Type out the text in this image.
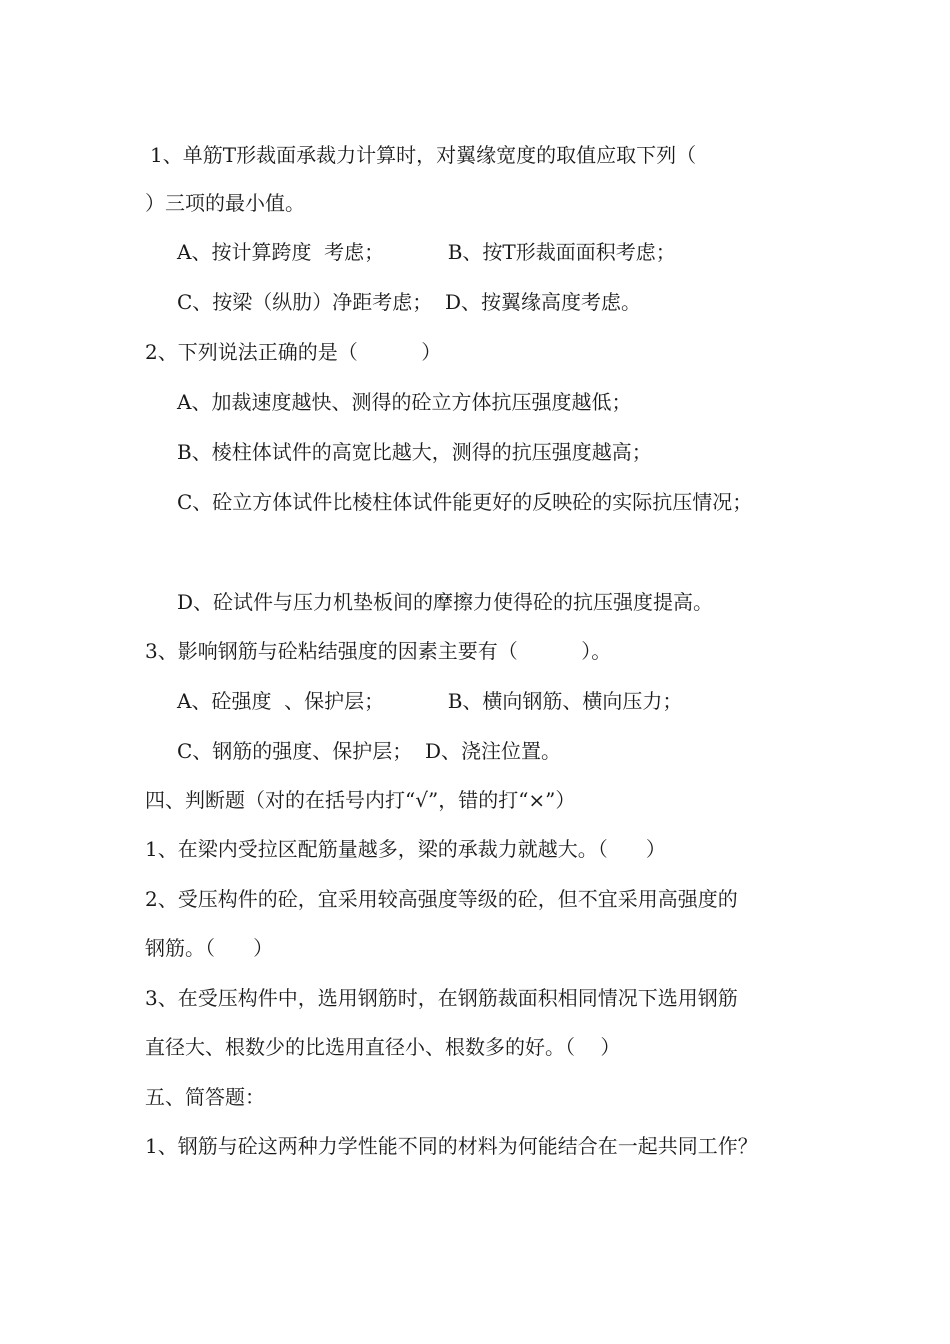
1、单筋T形裁面承裁力计算时，对翼缘宽度的取值应取下列（
）三项的最小值。
A、按计算跨度  考虑；          B、按T形裁面面积考虑；
C、按梁（纵肋）净距考虑；  D、按翼缘高度考虑。
2、下列说法正确的是（          ）
A、加裁速度越快、测得的砼立方体抗压强度越低；
B、棱柱体试件的高宽比越大，测得的抗压强度越高；
C、砼立方体试件比棱柱体试件能更好的反映砼的实际抗压情况；
D、砼试件与压力机垫板间的摩擦力使得砼的抗压强度提高。
3、影响钢筋与砼粘结强度的因素主要有（          ）。
A、砼强度  、保护层；          B、横向钢筋、横向压力；
C、钢筋的强度、保护层；  D、浇注位置。
四、判断题（对的在括号内打“√”，错的打“×”）
1、在梁内受拉区配筋量越多，梁的承裁力就越大。（      ）
2、受压构件的砼，宜采用较高强度等级的砼，但不宜采用高强度的
钢筋。（      ）
3、在受压构件中，选用钢筋时，在钢筋裁面积相同情况下选用钢筋
直径大、根数少的比选用直径小、根数多的好。（    ）
五、简答题：
1、钢筋与砼这两种力学性能不同的材料为何能结合在一起共同工作？
